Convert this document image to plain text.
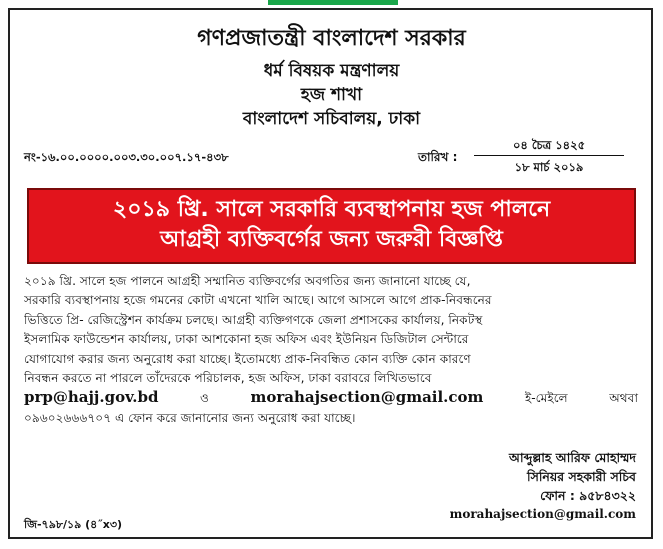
গণপ্রজাতন্ত্রী বাংলাদেশ সরকার
ধর্ম বিষয়ক মন্ত্রণালয়
হজ শাখা
বাংলাদেশ সচিবালয়, ঢাকা
নং-১৬.০০.০০০০.০০৩.৩০.০০৭.১৭-৪৩৮	তারিখ :
০৪ চৈত্র ১৪২৫
১৮ মার্চ ২০১৯
২০১৯ খ্রি. সালে সরকারি ব্যবস্থাপনায় হজ পালনে
আগ্রহী ব্যক্তিবর্গের জন্য জরুরী বিজ্ঞপ্তি
২০১৯ খ্রি. সালে হজ পালনে আগ্রহী সম্মানিত ব্যক্তিবর্গের অবগতির জন্য জানানো যাচ্ছে যে,
সরকারি ব্যবস্থাপনায় হজে গমনের কোটা এখনো খালি আছে। আগে আসলে আগে প্রাক-নিবন্ধনের
ভিত্তিতে প্রি- রেজিস্ট্রেশন কার্যক্রম চলছে। আগ্রহী ব্যক্তিগণকে জেলা প্রশাসকের কার্যালয়, নিকটস্থ
ইসলামিক ফাউন্ডেশন কার্যালয়, ঢাকা আশকোনা হজ অফিস এবং ইউনিয়ন ডিজিটাল সেন্টারে
যোগাযোগ করার জন্য অনুরোধ করা যাচ্ছে। ইতোমধ্যে প্রাক-নিবন্ধিত কোন ব্যক্তি কোন কারণে
নিবন্ধন করতে না পারলে তাঁদেরকে পরিচালক, হজ অফিস, ঢাকা বরাবরে লিখিতভাবে
prp@hajj.gov.bd	ও	morahajsection@gmail.com	ই-মেইলে	অথবা
০৯৬০২৬৬৬৭০৭ এ ফোন করে জানানোর জন্য অনুরোধ করা যাচ্ছে।
আব্দুল্লাহ আরিফ মোহাম্মদ
সিনিয়র সহকারী সচিব
ফোন : ৯৫৮৪৩২২
morahajsection@gmail.com
জি-৭৯৮/১৯ (৪˝x৩)
